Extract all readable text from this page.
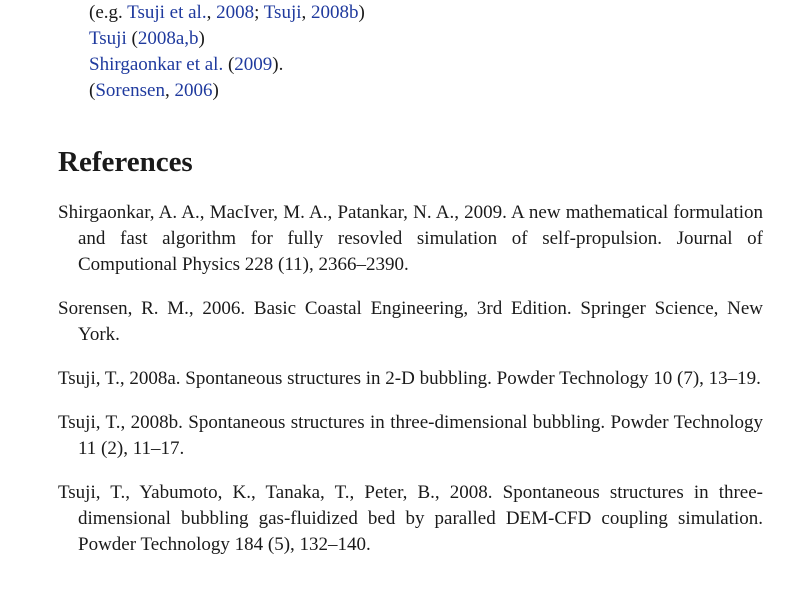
(e.g. Tsuji et al., 2008; Tsuji, 2008b)
Tsuji (2008a,b)
Shirgaonkar et al. (2009).
(Sorensen, 2006)
References

Shirgaonkar, A. A., MacIver, M. A., Patankar, N. A., 2009. A new mathematical formulation and fast algorithm for fully resovled simulation of self-propulsion. Journal of Computional Physics 228 (11), 2366–2390.

Sorensen, R. M., 2006. Basic Coastal Engineering, 3rd Edition. Springer Science, New York.

Tsuji, T., 2008a. Spontaneous structures in 2-D bubbling. Powder Technology 10 (7), 13–19.

Tsuji, T., 2008b. Spontaneous structures in three-dimensional bubbling. Powder Technology 11 (2), 11–17.

Tsuji, T., Yabumoto, K., Tanaka, T., Peter, B., 2008. Spontaneous structures in three-dimensional bubbling gas-fluidized bed by paralled DEM-CFD coupling simulation. Powder Technology 184 (5), 132–140.
